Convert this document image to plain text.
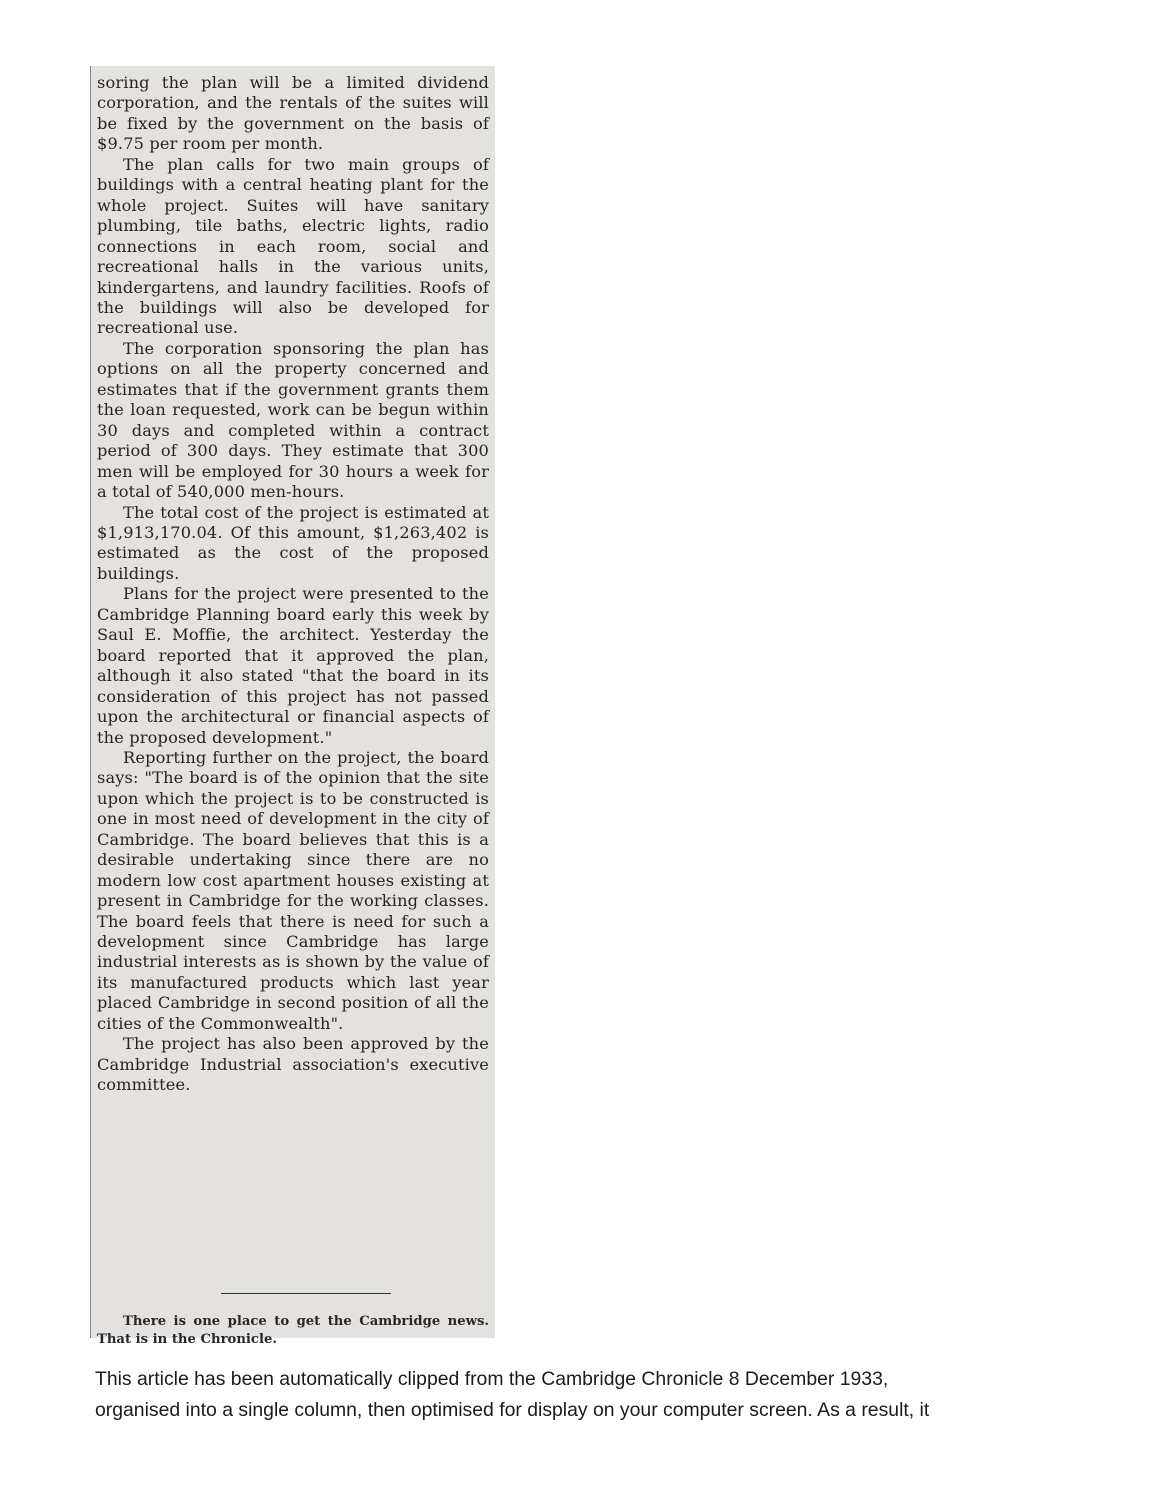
soring the plan will be a limited dividend corporation, and the rentals of the suites will be fixed by the government on the basis of $9.75 per room per month.

The plan calls for two main groups of buildings with a central heating plant for the whole project. Suites will have sanitary plumbing, tile baths, electric lights, radio connections in each room, social and recreational halls in the various units, kindergartens, and laundry facilities. Roofs of the buildings will also be developed for recreational use.

The corporation sponsoring the plan has options on all the property concerned and estimates that if the government grants them the loan requested, work can be begun within 30 days and completed within a contract period of 300 days. They estimate that 300 men will be employed for 30 hours a week for a total of 540,000 men-hours.

The total cost of the project is estimated at $1,913,170.04. Of this amount, $1,263,402 is estimated as the cost of the proposed buildings.

Plans for the project were presented to the Cambridge Planning board early this week by Saul E. Moffie, the architect. Yesterday the board reported that it approved the plan, although it also stated "that the board in its consideration of this project has not passed upon the architectural or financial aspects of the proposed development."

Reporting further on the project, the board says: "The board is of the opinion that the site upon which the project is to be constructed is one in most need of development in the city of Cambridge. The board believes that this is a desirable undertaking since there are no modern low cost apartment houses existing at present in Cambridge for the working classes. The board feels that there is need for such a development since Cambridge has large industrial interests as is shown by the value of its manufactured products which last year placed Cambridge in second position of all the cities of the Commonwealth".

The project has also been approved by the Cambridge Industrial association's executive committee.

There is one place to get the Cambridge news. That is in the Chronicle.

This article has been automatically clipped from the Cambridge Chronicle 8 December 1933,
organised into a single column, then optimised for display on your computer screen. As a result, it
